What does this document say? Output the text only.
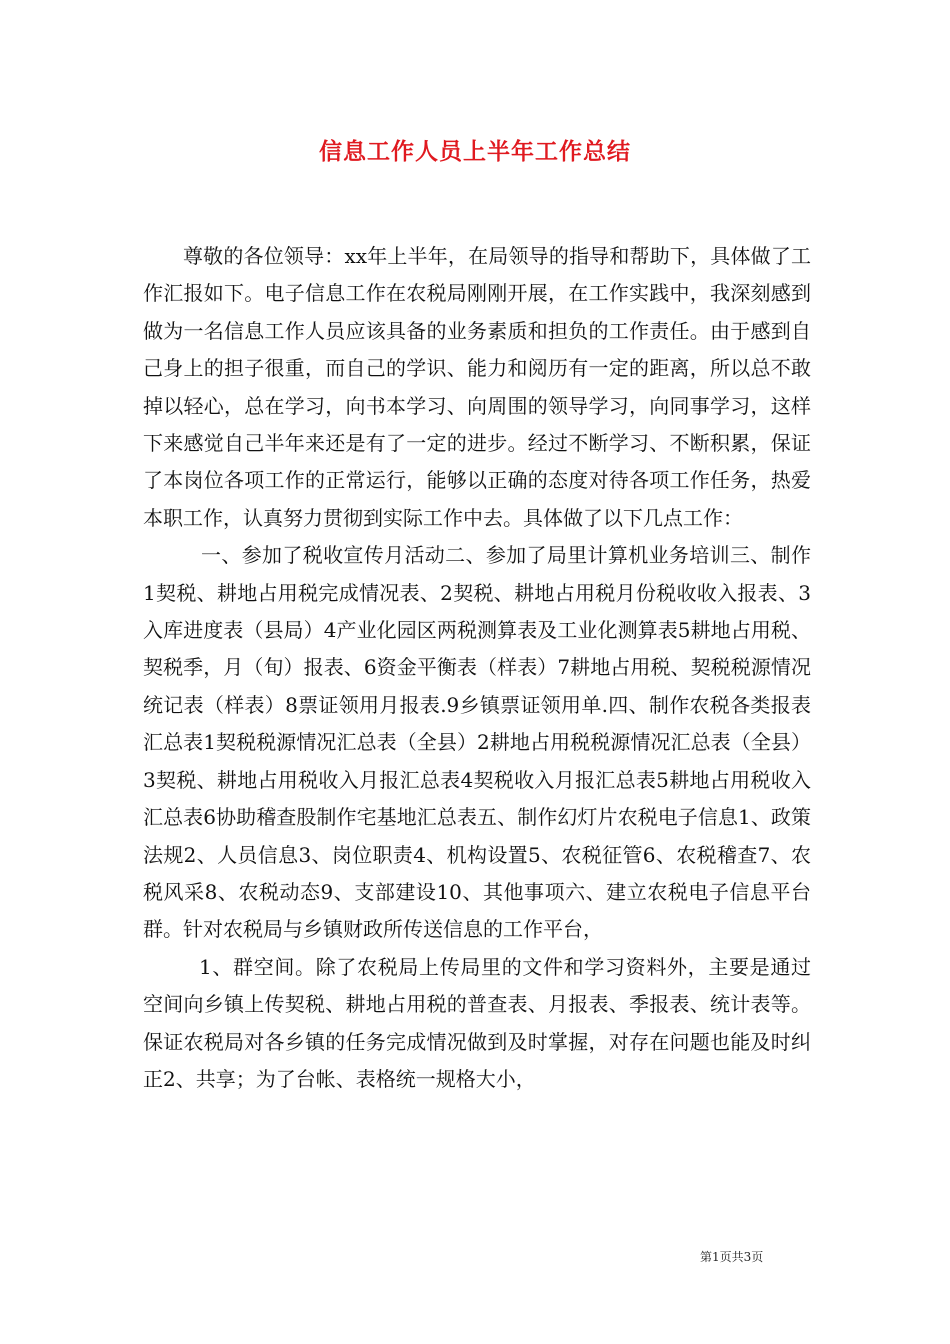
信息工作人员上半年工作总结

尊敬的各位领导：xx年上半年，在局领导的指导和帮助下，具体做了工作汇报如下。电子信息工作在农税局刚刚开展，在工作实践中，我深刻感到做为一名信息工作人员应该具备的业务素质和担负的工作责任。由于感到自己身上的担子很重，而自己的学识、能力和阅历有一定的距离，所以总不敢掉以轻心，总在学习，向书本学习、向周围的领导学习，向同事学习，这样下来感觉自己半年来还是有了一定的进步。经过不断学习、不断积累，保证了本岗位各项工作的正常运行，能够以正确的态度对待各项工作任务，热爱本职工作，认真努力贯彻到实际工作中去。具体做了以下几点工作：

一、参加了税收宣传月活动二、参加了局里计算机业务培训三、制作1契税、耕地占用税完成情况表、2契税、耕地占用税月份税收收入报表、3入库进度表（县局）4产业化园区两税测算表及工业化测算表5耕地占用税、契税季，月（旬）报表、6资金平衡表（样表）7耕地占用税、契税税源情况统记表（样表）8票证领用月报表.9乡镇票证领用单.四、制作农税各类报表汇总表1契税税源情况汇总表（全县）2耕地占用税税源情况汇总表（全县）3契税、耕地占用税收入月报汇总表4契税收入月报汇总表5耕地占用税收入汇总表6协助稽查股制作宅基地汇总表五、制作幻灯片农税电子信息1、政策法规2、人员信息3、岗位职责4、机构设置5、农税征管6、农税稽查7、农税风采8、农税动态9、支部建设10、其他事项六、建立农税电子信息平台群。针对农税局与乡镇财政所传送信息的工作平台，

1、群空间。除了农税局上传局里的文件和学习资料外，主要是通过空间向乡镇上传契税、耕地占用税的普查表、月报表、季报表、统计表等。保证农税局对各乡镇的任务完成情况做到及时掌握，对存在问题也能及时纠正2、共享；为了台帐、表格统一规格大小，

第1页共3页
